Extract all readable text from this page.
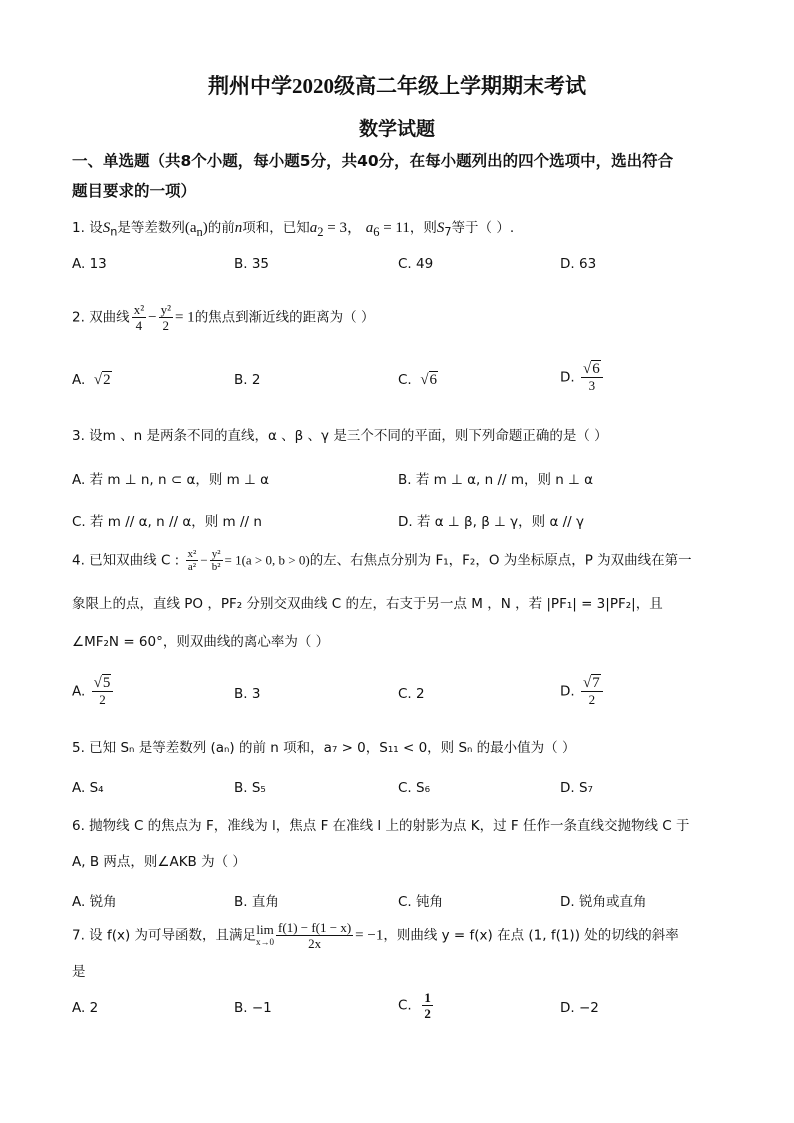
荆州中学2020级高二年级上学期期末考试
数学试题
一、单选题（共8个小题，每小题5分，共40分，在每小题列出的四个选项中，选出符合
题目要求的一项）
1. 设$S_n$是等差数列$(a_n)$的前n项和，已知$a_2 = 3$， $a_6 = 11$，则$S_7$等于（ ）.
A. 13	B. 35	C. 49	D. 63
2. 双曲线 $\frac{\text{x²}}{4} - \frac{\text{y²}}{2} = 1$的焦点到渐近线的距离为（ ）
A. √2	B. 2	C. √6	D. $\frac{√6}{3}$
3. 设m 、n 是两条不同的直线，α 、β 、γ 是三个不同的平面，则下列命题正确的是（ ）
A. 若 m ⊥ n, n ⊂ α，则 m ⊥ α	B. 若 m ⊥ α, n // m，则 n ⊥ α
C. 若 m // α, n // α，则 m // n	D. 若 α ⊥ β, β ⊥ γ，则 α // γ
4. 已知双曲线 C : $\frac{\text{x²}}{\text{a²}} - \frac{\text{y²}}{\text{b²}} = 1(a > 0$, b > 0)的左、右焦点分别为 F₁，F₂，O 为坐标原点，P 为双曲线在第一
象限上的点，直线 PO ，PF₂ 分别交双曲线 C 的左，右支于另一点 M ，N ，若 |PF₁| = 3|PF₂|，且
∠MF₂N = 60°，则双曲线的离心率为（ ）
A. $\frac{√5}{2}$	B. 3	C. 2	D. $\frac{√7}{2}$
5. 已知 Sₙ 是等差数列 (aₙ) 的前 n 项和，a₇ > 0，S₁₁ < 0，则 Sₙ 的最小值为（ ）
A. S₄	B. S₅	C. S₆	D. S₇
6. 抛物线 C 的焦点为 F，准线为 l，焦点 F 在准线 l 上的射影为点 K，过 F 任作一条直线交抛物线 C 于
A, B 两点，则∠AKB 为（ ）
A. 锐角	B. 直角	C. 钝角	D. 锐角或直角
7. 设 f(x) 为可导函数，且满足 lim
$x\to 0 \frac{f(1) - f(1 - x)}{2x} = -1$，则曲线 y = f(x) 在点 (1, f(1)) 处的切线的斜率
是
A. 2	B. −1	C. $\frac{1}{2}$	D. −2
